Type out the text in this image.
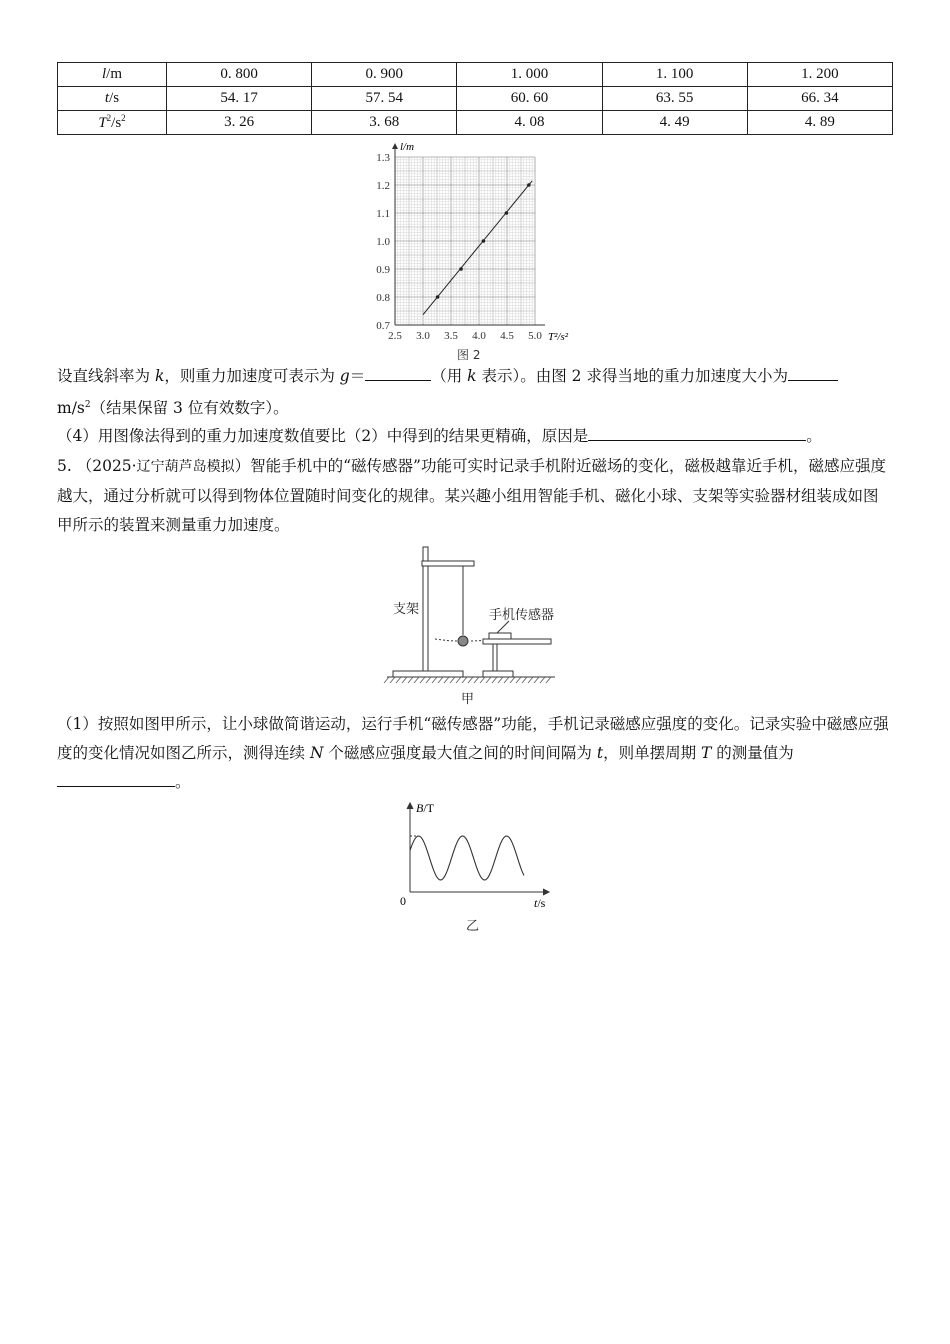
l/m	0. 800	0. 900	1. 000	1. 100	1. 200
t/s	54. 17	57. 54	60. 60	63. 55	66. 34
$T^2/s^2$	3. 26	3. 68	4. 08	4. 49	4. 89
2.5 3.0 3.5 4.0 4.5 5.0
0.7
0.8
0.9
1.0
1.1
1.2
1.3
l/m
T²/s²
图 2
设直线斜率为 k，则重力加速度可表示为 g＝	（用 k 表示）。由图 2 求得当地的重力加速度大小为
$m/s^2$（结果保留 3 位有效数字）。
（4）用图像法得到的重力加速度数值要比（2）中得到的结果更精确，原因是	。
5. （2025·辽宁葫芦岛模拟）智能手机中的“磁传感器”功能可实时记录手机附近磁场的变化，磁极越靠近手机，磁感应强度越大，通过分析就可以得到物体位置随时间变化的规律。某兴趣小组用智能手机、磁化小球、支架等实验器材组装成如图甲所示的装置来测量重力加速度。
支架	手机传感器
甲
（1）按照如图甲所示，让小球做简谐运动，运行手机“磁传感器”功能，手机记录磁感应强度的变化。记录实验中磁感应强度的变化情况如图乙所示，测得连续 N 个磁感应强度最大值之间的时间间隔为 t，则单摆周期 T 的测量值为。
B/T
0	t/s
乙
